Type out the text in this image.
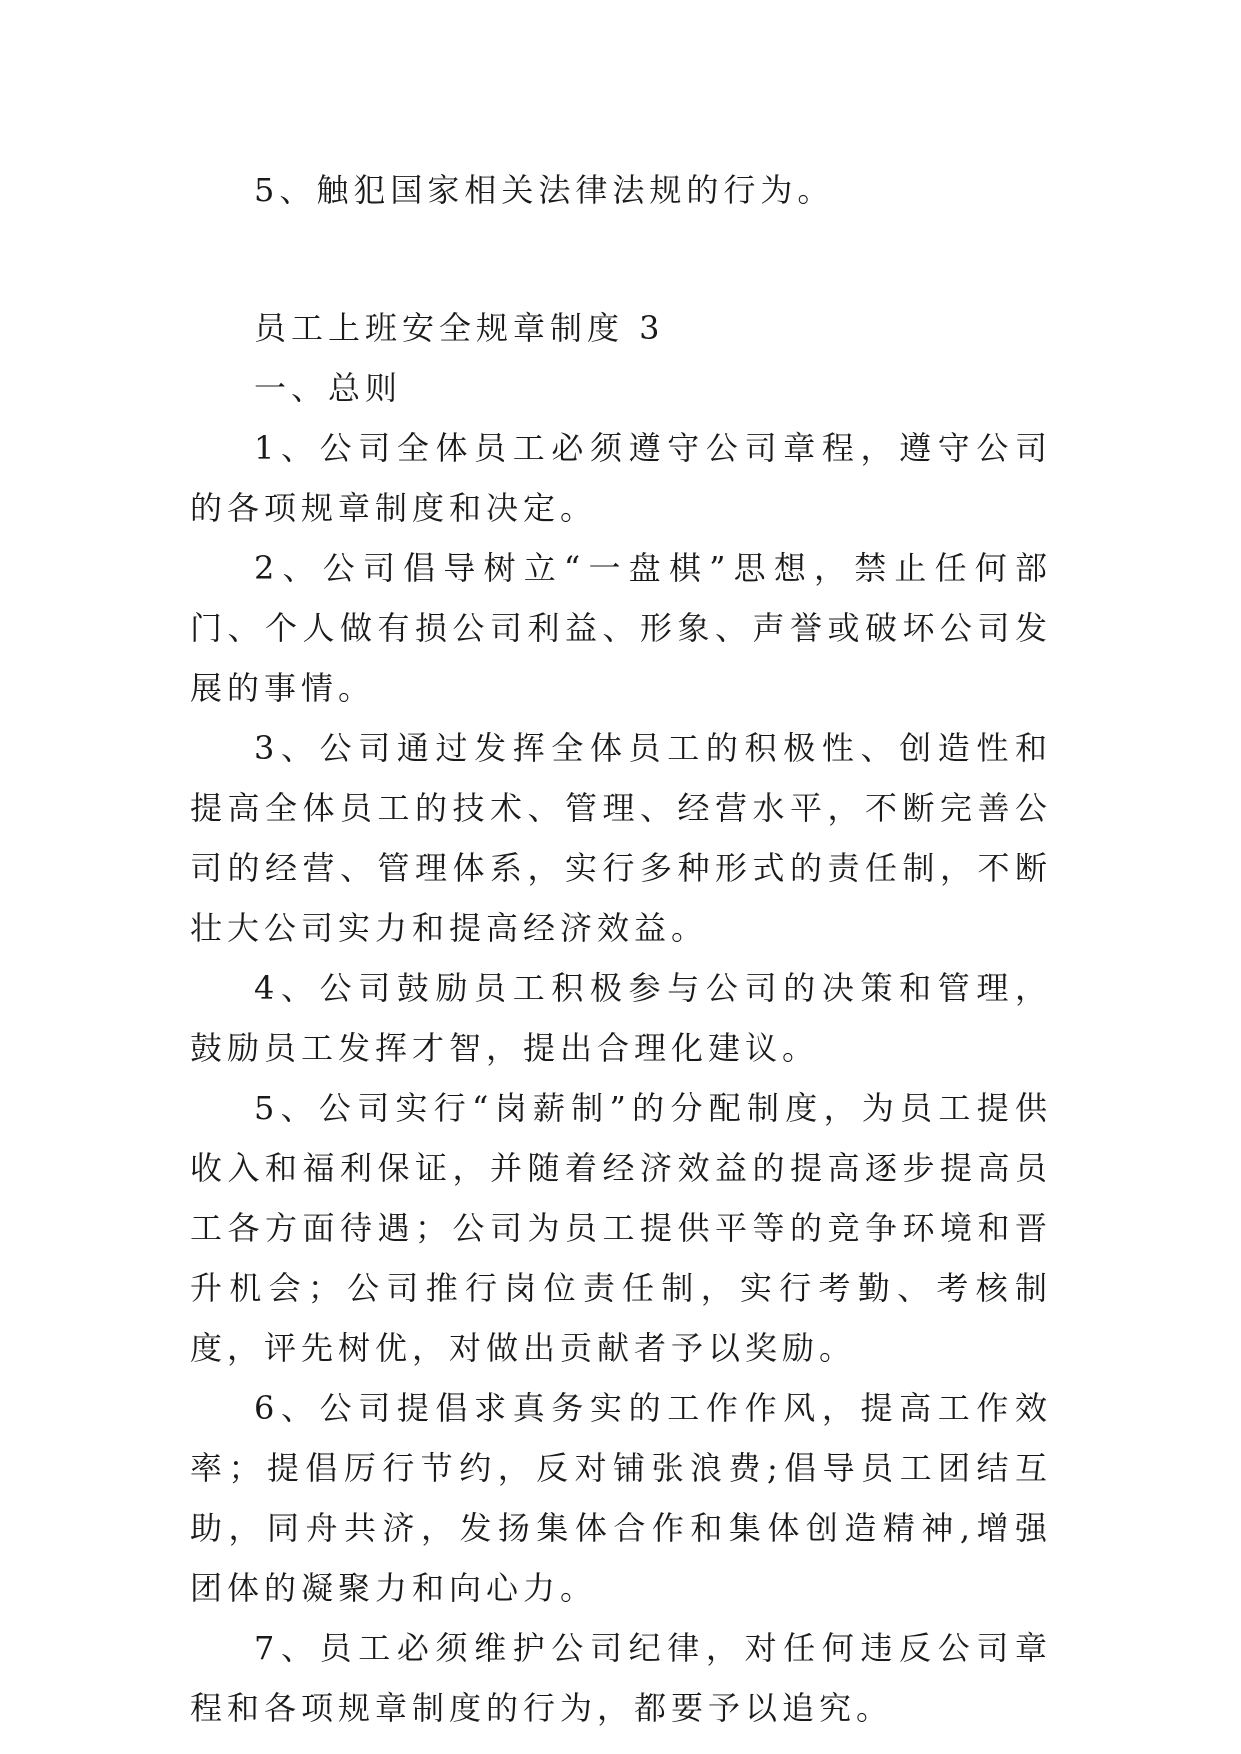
5、触犯国家相关法律法规的行为。

员工上班安全规章制度 3

一、总则

1、公司全体员工必须遵守公司章程，遵守公司的各项规章制度和决定。

2、公司倡导树立“一盘棋”思想，禁止任何部门、个人做有损公司利益、形象、声誉或破坏公司发展的事情。

3、公司通过发挥全体员工的积极性、创造性和提高全体员工的技术、管理、经营水平，不断完善公司的经营、管理体系，实行多种形式的责任制，不断壮大公司实力和提高经济效益。

4、公司鼓励员工积极参与公司的决策和管理，鼓励员工发挥才智，提出合理化建议。

5、公司实行“岗薪制”的分配制度，为员工提供收入和福利保证，并随着经济效益的提高逐步提高员工各方面待遇；公司为员工提供平等的竞争环境和晋升机会；公司推行岗位责任制，实行考勤、考核制度，评先树优，对做出贡献者予以奖励。

6、公司提倡求真务实的工作作风，提高工作效率；提倡厉行节约，反对铺张浪费;倡导员工团结互助，同舟共济，发扬集体合作和集体创造精神,增强团体的凝聚力和向心力。

7、员工必须维护公司纪律，对任何违反公司章程和各项规章制度的行为，都要予以追究。
